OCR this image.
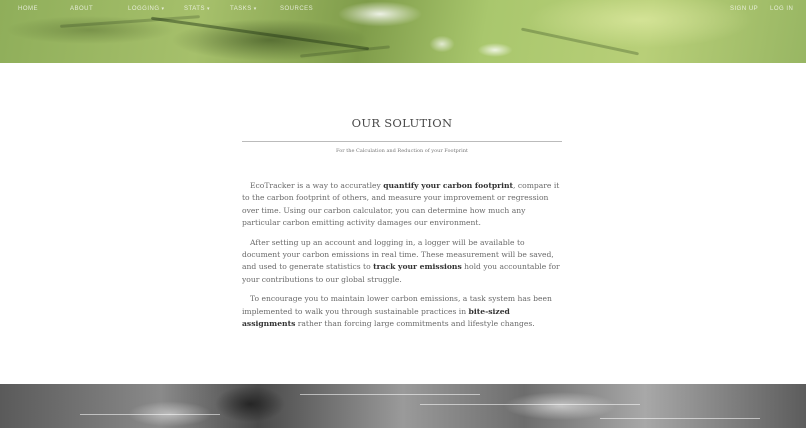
HOME	ABOUT	LOGGING ▾	STATS ▾	TASKS ▾	SOURCES	SIGN UP LOG IN
OUR SOLUTION
For the Calculation and Reduction of your Footprint

EcoTracker is a way to accuratley quantify your carbon footprint, compare it to the carbon footprint of others, and measure your improvement or regression over time. Using our carbon calculator, you can determine how much any particular carbon emitting activity damages our environment.

After setting up an account and logging in, a logger will be available to document your carbon emissions in real time. These measurement will be saved, and used to generate statistics to track your emissions hold you accountable for your contributions to our global struggle.

To encourage you to maintain lower carbon emissions, a task system has been implemented to walk you through sustainable practices in bite-sized assignments rather than forcing large commitments and lifestyle changes.
